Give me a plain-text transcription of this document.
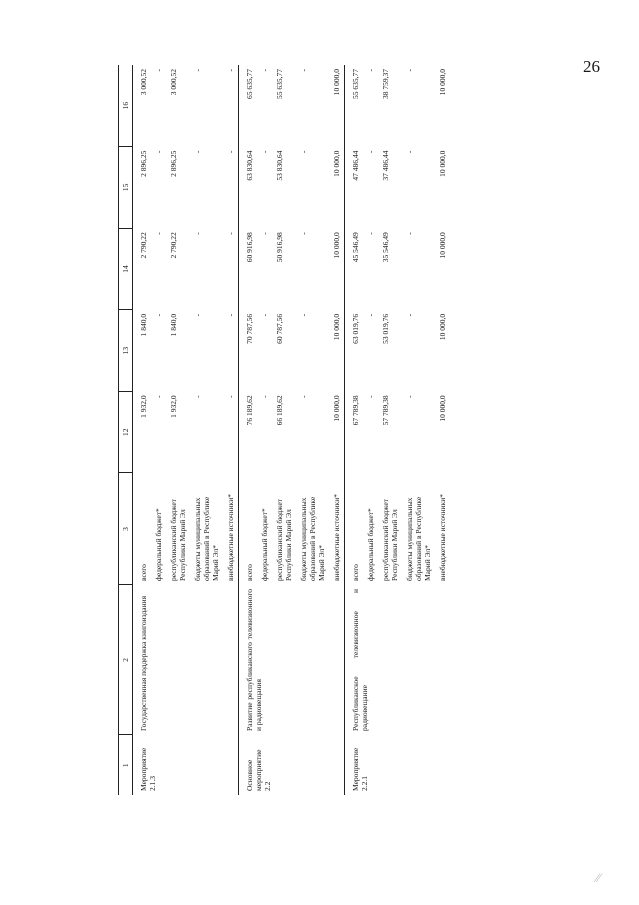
26
1	2	3	12	13	14	15	16
Мероприятие 2.1.3	Государственная поддержка книгоиздания	всего	1 932,0	1 840,0	2 790,22	2 896,25	3 000,52
		федеральный бюджет*	-	-	-	-	-
		республиканский бюджет Республики Марий Эл	1 932,0	1 840,0	2 790,22	2 896,25	3 000,52
		бюджеты муниципальных образований в Республике Марий Эл*	-	-	-	-	-
		внебюджетные источники*	-	-	-	-	-
Основное мероприятие 2.2	Развитие республиканского телевизионного и радиовещания	всего	76 189,62	70 787,56	60 916,98	63 830,64	65 635,77
		федеральный бюджет*	-	-	-	-	-
		республиканский бюджет Республики Марий Эл	66 189,62	60 787,56	50 916,98	53 830,64	55 635,77
		бюджеты муниципальных образований в Республике Марий Эл*	-	-	-	-	-
		внебюджетные источники*	10 000,0	10 000,0	10 000,0	10 000,0	10 000,0
Мероприятие 2.2.1	Республиканское телевизионное и радиовещание	всего	67 789,38	63 019,76	45 546,49	47 486,44	55 635,77
		федеральный бюджет*	-	-	-	-	-
		республиканский бюджет Республики Марий Эл	57 789,38	53 019,76	35 546,49	37 486,44	38 759,37
		бюджеты муниципальных образований в Республике Марий Эл*	-	-	-	-	-
		внебюджетные источники*	10 000,0	10 000,0	10 000,0	10 000,0	10 000,0
⁄⁄
